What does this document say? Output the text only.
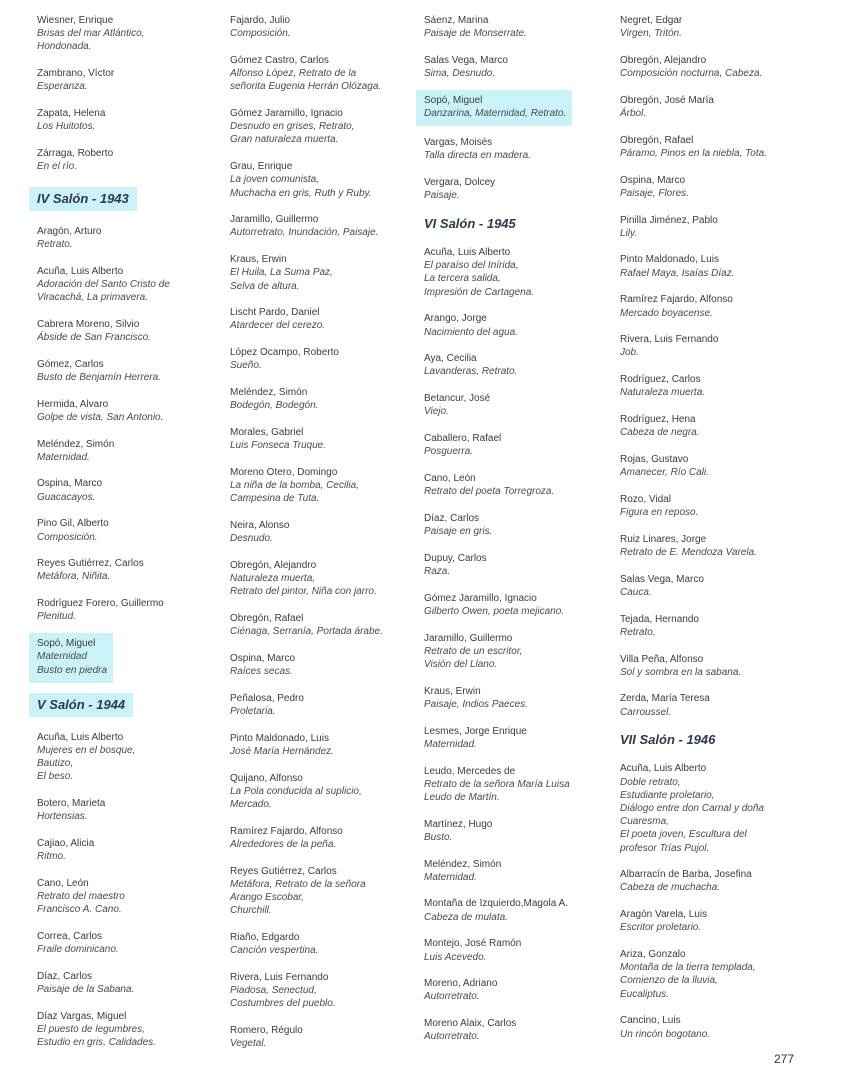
Wiesner, Enrique
Brisas del mar Atlántico,
Hondonada.
Zambrano, Víctor
Esperanza.
Zapata, Helena
Los Huitotos.
Zárraga, Roberto
En el río.
IV Salón - 1943
Aragón, Arturo
Retrato.
Acuña, Luis Alberto
Adoración del Santo Cristo de
Viracachá, La primavera.
Cabrera Moreno, Silvio
Ábside de San Francisco.
Gómez, Carlos
Busto de Benjamín Herrera.
Hermida, Alvaro
Golpe de vista, San Antonio.
Meléndez, Simón
Maternidad.
Ospina, Marco
Guacacayos.
Pino Gil, Alberto
Composición.
Reyes Gutiérrez, Carlos
Metáfora, Niñita.
Rodríguez Forero, Guillermo
Plenitud.
Sopó, Miguel
Maternidad
Busto en piedra
V Salón - 1944
Acuña, Luis Alberto
Mujeres en el bosque,
Bautizo,
El beso.
Botero, Marieta
Hortensias.
Cajiao, Alicia
Ritmo.
Cano, León
Retrato del maestro
Francisco A. Cano.
Correa, Carlos
Fraile dominicano.
Díaz, Carlos
Paisaje de la Sabana.
Díaz Vargas, Miguel
El puesto de legumbres,
Estudio en gris, Calidades.
Fajardo, Julio
Composición.
Gómez Castro, Carlos
Alfonso López, Retrato de la
señorita Eugenia Herrán Olózaga.
Gómez Jaramillo, Ignacio
Desnudo en grises, Retrato,
Gran naturaleza muerta.
Grau, Enrique
La joven comunista,
Muchacha en gris, Ruth y Ruby.
Jaramillo, Guillermo
Autorretrato, Inundación, Paisaje.
Kraus, Erwin
El Huila, La Suma Paz,
Selva de altura.
Lischt Pardo, Daniel
Atardecer del cerezo.
López Ocampo, Roberto
Sueño.
Meléndez, Simón
Bodegón, Bodegón.
Morales, Gabriel
Luis Fonseca Truque.
Moreno Otero, Domingo
La niña de la bomba, Cecilia,
Campesina de Tuta.
Neira, Alonso
Desnudo.
Obregón, Alejandro
Naturaleza muerta,
Retrato del pintor, Niña con jarro.
Obregón, Rafael
Ciénaga, Serranía, Portada árabe.
Ospina, Marco
Raíces secas.
Peñalosa, Pedro
Proletaria.
Pinto Maldonado, Luis
José María Hernández.
Quijano, Alfonso
La Pola conducida al suplicio,
Mercado.
Ramírez Fajardo, Alfonso
Alrededores de la peña.
Reyes Gutiérrez, Carlos
Metáfora, Retrato de la señora
Arango Escobar,
Churchill.
Riaño, Edgardo
Canción vespertina.
Rivera, Luis Fernando
Piadosa, Senectud,
Costumbres del pueblo.
Romero, Régulo
Vegetal.
Sáenz, Marina
Paisaje de Monserrate.
Salas Vega, Marco
Sima, Desnudo.
Sopó, Miguel
Danzarina, Maternidad, Retrato.
Vargas, Moisés
Talla directa en madera.
Vergara, Dolcey
Paisaje.
VI Salón - 1945
Acuña, Luis Alberto
El paraíso del Inírida,
La tercera salida,
Impresión de Cartagena.
Arango, Jorge
Nacimiento del agua.
Aya, Cecilia
Lavanderas, Retrato.
Betancur, José
Viejo.
Caballero, Rafael
Posguerra.
Cano, León
Retrato del poeta Torregroza.
Díaz, Carlos
Paisaje en gris.
Dupuy, Carlos
Raza.
Gómez Jaramillo, Ignacio
Gilberto Owen, poeta mejicano.
Jaramillo, Guillermo
Retrato de un escritor,
Visión del Llano.
Kraus, Erwin
Paisaje, Indios Paeces.
Lesmes, Jorge Enrique
Maternidad.
Leudo, Mercedes de
Retrato de la señora María Luisa
Leudo de Martín.
Martínez, Hugo
Busto.
Meléndez, Simón
Maternidad.
Montaña de Izquierdo,Magola A.
Cabeza de mulata.
Montejo, José Ramón
Luis Acevedo.
Moreno, Adriano
Autorretrato.
Moreno Alaix, Carlos
Autorretrato.
Negret, Edgar
Virgen, Tritón.
Obregón, Alejandro
Composición nocturna, Cabeza.
Obregón, José María
Árbol.
Obregón, Rafael
Páramo, Pinos en la niebla, Tota.
Ospina, Marco
Paisaje, Flores.
Pinilla Jiménez, Pablo
Lily.
Pinto Maldonado, Luis
Rafael Maya, Isaías Díaz.
Ramírez Fajardo, Alfonso
Mercado boyacense.
Rivera, Luis Fernando
Job.
Rodríguez, Carlos
Naturaleza muerta.
Rodríguez, Hena
Cabeza de negra.
Rojas, Gustavo
Amanecer, Río Cali.
Rozo, Vidal
Figura en reposo.
Ruiz Linares, Jorge
Retrato de E. Mendoza Varela.
Salas Vega, Marco
Cauca.
Tejada, Hernando
Retrato.
Villa Peña, Alfonso
Sol y sombra en la sabana.
Zerda, María Teresa
Carroussel.
VII Salón - 1946
Acuña, Luis Alberto
Doble retrato,
Estudiante proletario,
Diálogo entre don Carnal y doña
Cuaresma,
El poeta joven, Escultura del
profesor Trías Pujol.
Albarracín de Barba, Josefina
Cabeza de muchacha.
Aragón Varela, Luis
Escritor proletario.
Ariza, Gonzalo
Montaña de la tierra templada,
Comienzo de la lluvia,
Eucaliptus.
Cancino, Luis
Un rincón bogotano.
277
